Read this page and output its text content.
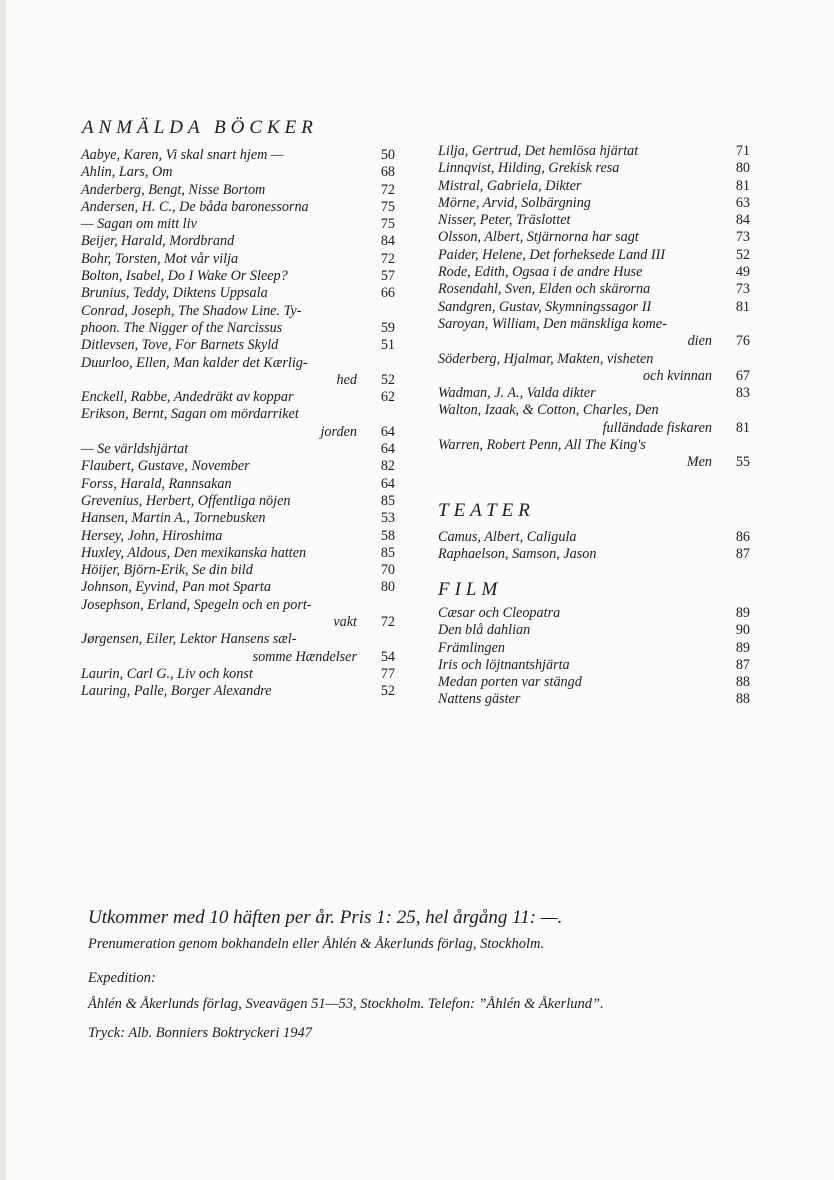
ANMÄLDA BÖCKER
Aabye, Karen, Vi skal snart hjem —	50
Ahlin, Lars, Om	68
Anderberg, Bengt, Nisse Bortom	72
Andersen, H. C., De båda baronessorna	75
— Sagan om mitt liv	75
Beijer, Harald, Mordbrand	84
Bohr, Torsten, Mot vår vilja	72
Bolton, Isabel, Do I Wake Or Sleep?	57
Brunius, Teddy, Diktens Uppsala	66
Conrad, Joseph, The Shadow Line. Ty-
phoon. The Nigger of the Narcissus	59
Ditlevsen, Tove, For Barnets Skyld	51
Duurloo, Ellen, Man kalder det Kærlig-
hed	52
Enckell, Rabbe, Andedräkt av koppar	62
Erikson, Bernt, Sagan om mördarriket
jorden	64
— Se världshjärtat	64
Flaubert, Gustave, November	82
Forss, Harald, Rannsakan	64
Grevenius, Herbert, Offentliga nöjen	85
Hansen, Martin A., Tornebusken	53
Hersey, John, Hiroshima	58
Huxley, Aldous, Den mexikanska hatten	85
Höijer, Björn-Erik, Se din bild	70
Johnson, Eyvind, Pan mot Sparta	80
Josephson, Erland, Spegeln och en port-
vakt	72
Jørgensen, Eiler, Lektor Hansens sæl-
somme Hændelser	54
Laurin, Carl G., Liv och konst	77
Lauring, Palle, Borger Alexandre	52
Lilja, Gertrud, Det hemlösa hjärtat	71
Linnqvist, Hilding, Grekisk resa	80
Mistral, Gabriela, Dikter	81
Mörne, Arvid, Solbärgning	63
Nisser, Peter, Träslottet	84
Olsson, Albert, Stjärnorna har sagt	73
Paider, Helene, Det forheksede Land III	52
Rode, Edith, Ogsaa i de andre Huse	49
Rosendahl, Sven, Elden och skärorna	73
Sandgren, Gustav, Skymningssagor II	81
Saroyan, William, Den mänskliga kome-
dien	76
Söderberg, Hjalmar, Makten, visheten
och kvinnan	67
Wadman, J. A., Valda dikter	83
Walton, Izaak, & Cotton, Charles, Den
fulländade fiskaren	81
Warren, Robert Penn, All The King's
Men	55
TEATER
Camus, Albert, Caligula	86
Raphaelson, Samson, Jason	87
FILM
Cæsar och Cleopatra	89
Den blå dahlian	90
Främlingen	89
Iris och löjtnantshjärta	87
Medan porten var stängd	88
Nattens gäster	88

Utkommer med 10 häften per år. Pris 1: 25, hel årgång 11: —.

Prenumeration genom bokhandeln eller Åhlén & Åkerlunds förlag, Stockholm.

Expedition:

Åhlén & Åkerlunds förlag, Sveavägen 51—53, Stockholm. Telefon: ”Åhlén & Åkerlund”.

Tryck: Alb. Bonniers Boktryckeri 1947
